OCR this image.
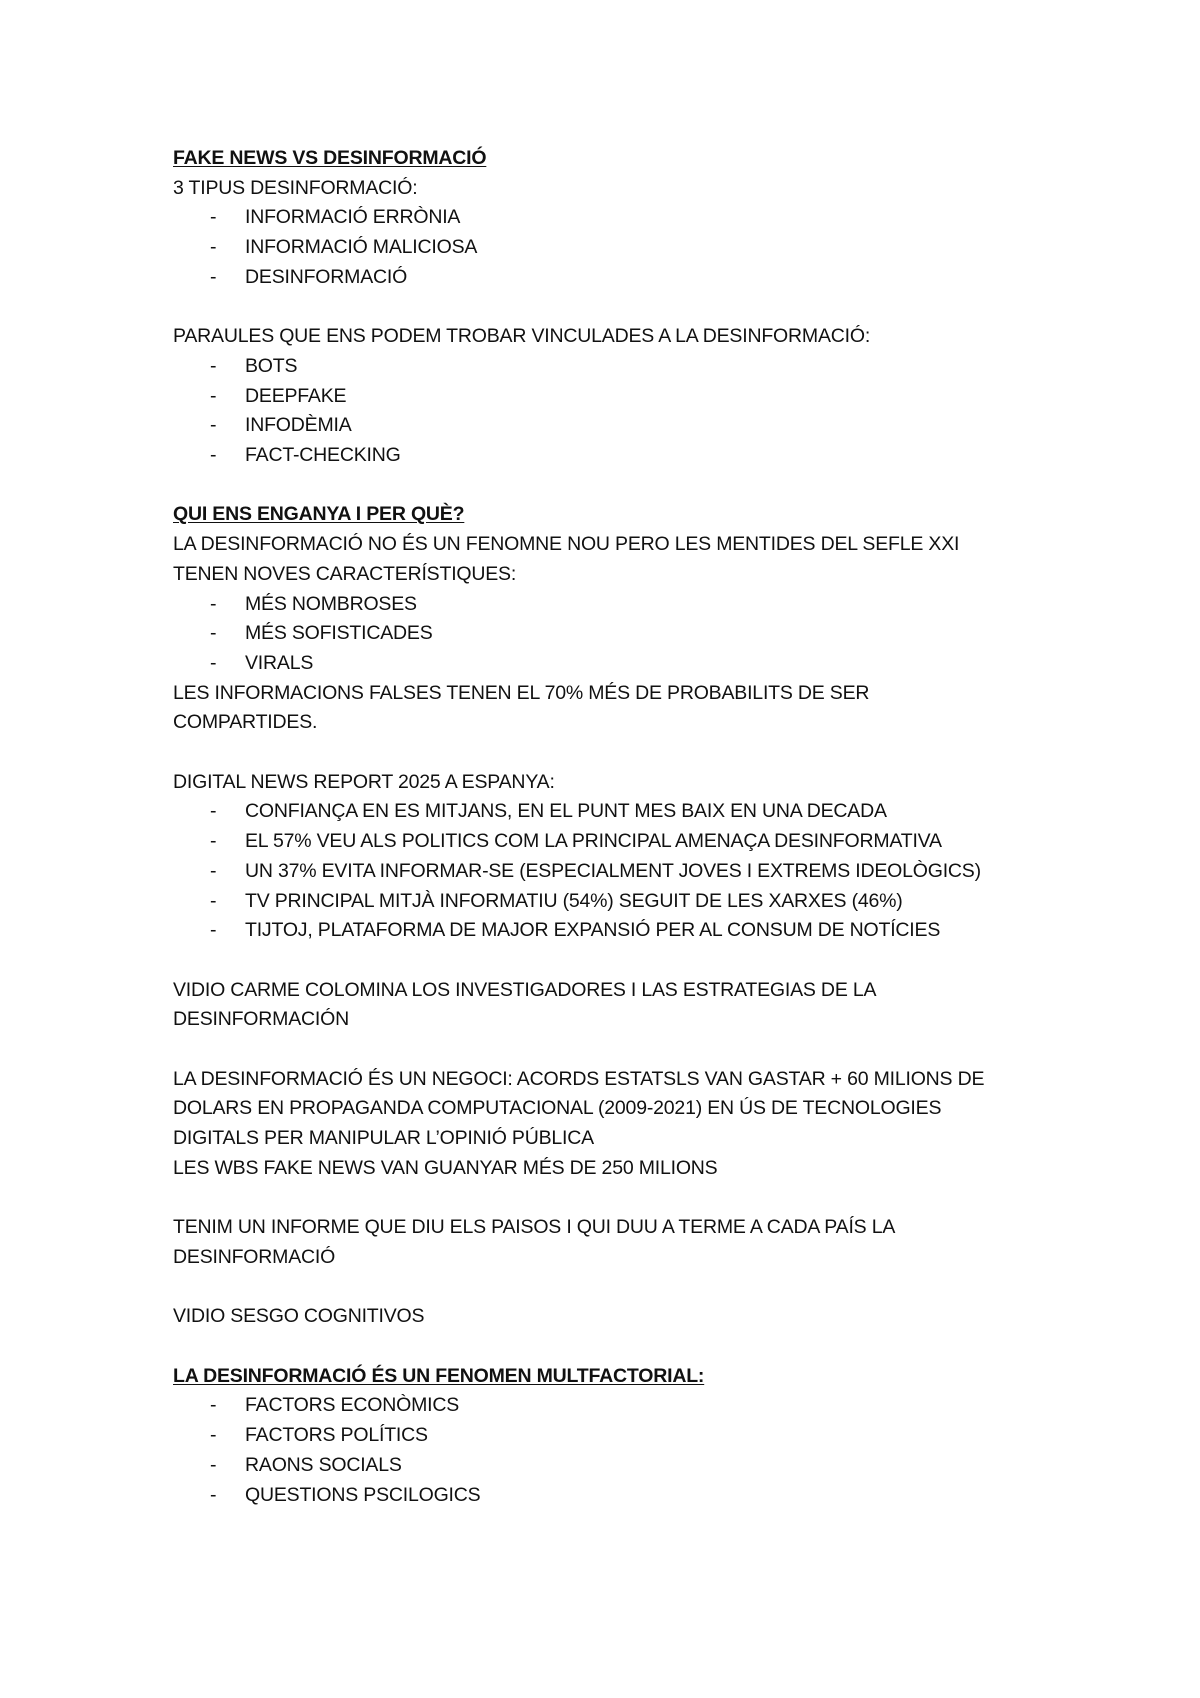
FAKE NEWS VS DESINFORMACIÓ
3 TIPUS DESINFORMACIÓ:
- INFORMACIÓ ERRÒNIA
- INFORMACIÓ MALICIOSA
- DESINFORMACIÓ
PARAULES QUE ENS PODEM TROBAR VINCULADES A LA DESINFORMACIÓ:
- BOTS
- DEEPFAKE
- INFODÈMIA
- FACT-CHECKING
QUI ENS ENGANYA I PER QUÈ?
LA DESINFORMACIÓ NO ÉS UN FENOMNE NOU PERO LES MENTIDES DEL SEFLE XXI
TENEN NOVES CARACTERÍSTIQUES:
- MÉS NOMBROSES
- MÉS SOFISTICADES
- VIRALS
LES INFORMACIONS FALSES TENEN EL 70% MÉS DE PROBABILITS DE SER
COMPARTIDES.
DIGITAL NEWS REPORT 2025 A ESPANYA:
- CONFIANÇA EN ES MITJANS, EN EL PUNT MES BAIX EN UNA DECADA
- EL 57% VEU ALS POLITICS COM LA PRINCIPAL AMENAÇA DESINFORMATIVA
- UN 37% EVITA INFORMAR-SE (ESPECIALMENT JOVES I EXTREMS IDEOLÒGICS)
- TV PRINCIPAL MITJÀ INFORMATIU (54%) SEGUIT DE LES XARXES (46%)
- TIJTOJ, PLATAFORMA DE MAJOR EXPANSIÓ PER AL CONSUM DE NOTÍCIES
VIDIO CARME COLOMINA LOS INVESTIGADORES I LAS ESTRATEGIAS DE LA
DESINFORMACIÓN
LA DESINFORMACIÓ ÉS UN NEGOCI: ACORDS ESTATSLS VAN GASTAR + 60 MILIONS DE
DOLARS EN PROPAGANDA COMPUTACIONAL (2009-2021) EN ÚS DE TECNOLOGIES
DIGITALS PER MANIPULAR L’OPINIÓ PÚBLICA
LES WBS FAKE NEWS VAN GUANYAR MÉS DE 250 MILIONS
TENIM UN INFORME QUE DIU ELS PAISOS I QUI DUU A TERME A CADA PAÍS LA
DESINFORMACIÓ
VIDIO SESGO COGNITIVOS
LA DESINFORMACIÓ ÉS UN FENOMEN MULTFACTORIAL:
- FACTORS ECONÒMICS
- FACTORS POLÍTICS
- RAONS SOCIALS
- QUESTIONS PSCILOGICS
